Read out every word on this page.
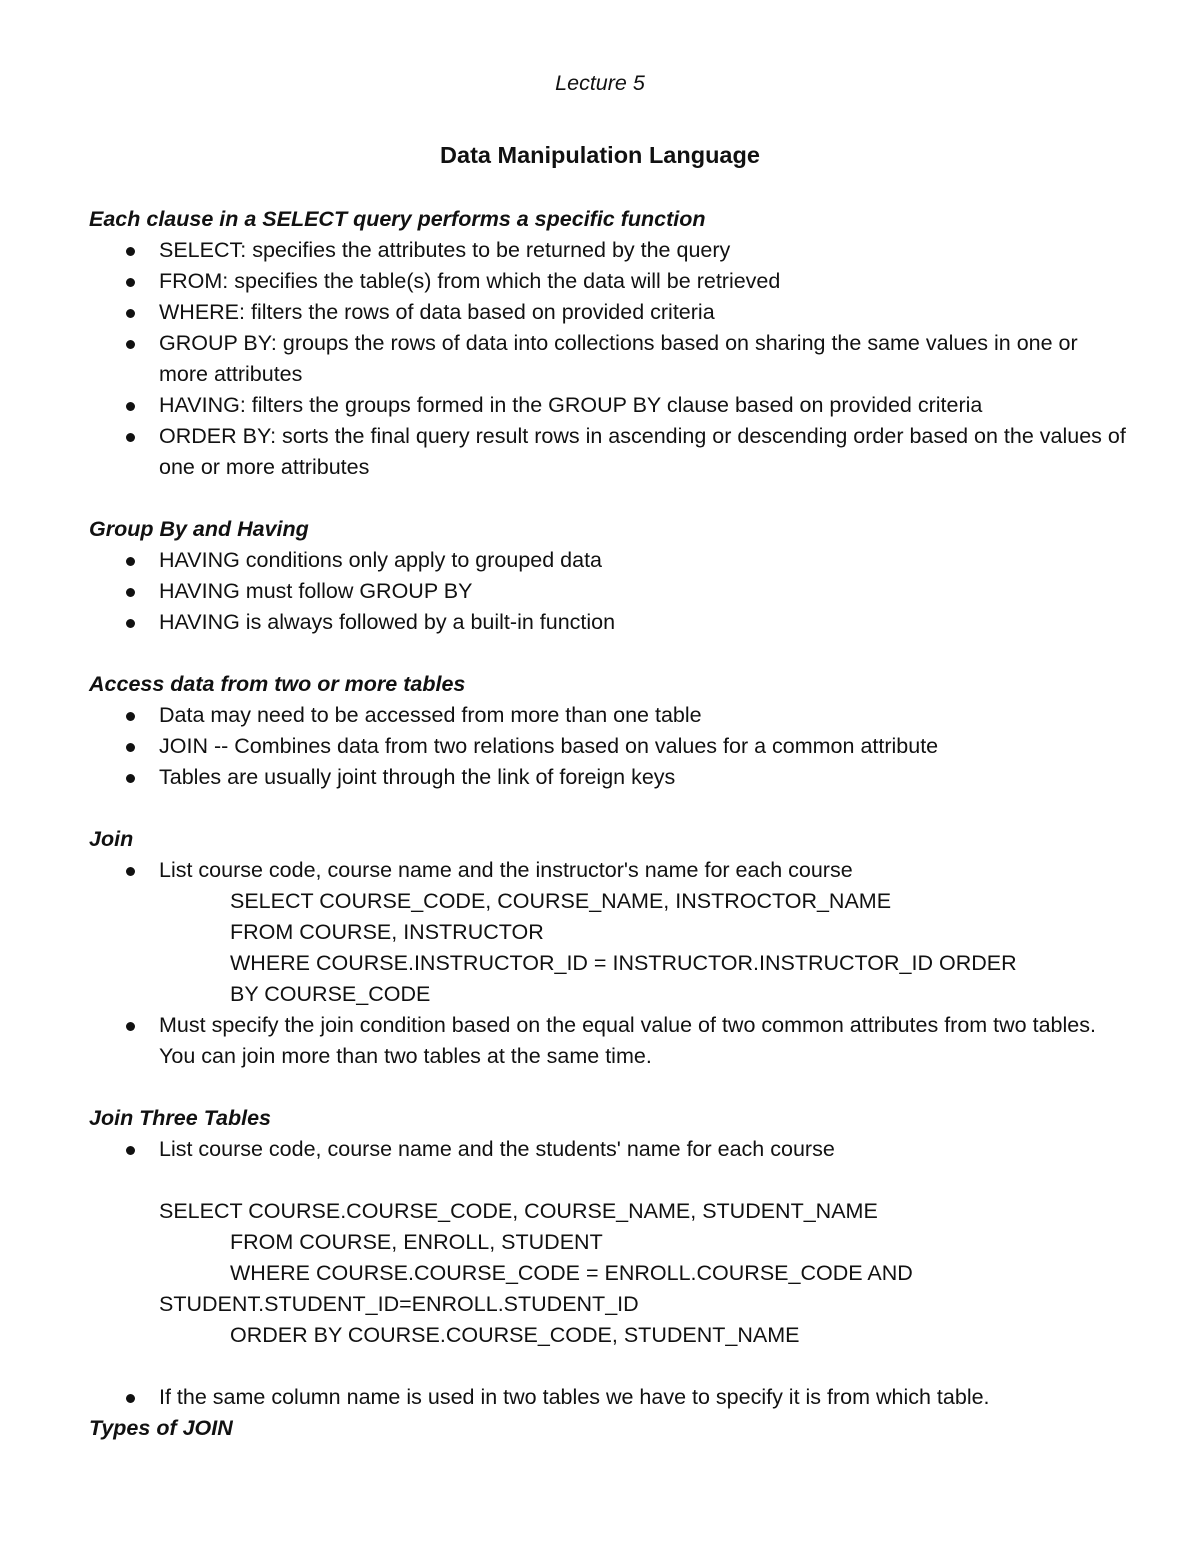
Lecture 5
Data Manipulation Language
Each clause in a SELECT query performs a specific function
SELECT: specifies the attributes to be returned by the query
FROM: specifies the table(s) from which the data will be retrieved
WHERE: filters the rows of data based on provided criteria
GROUP BY: groups the rows of data into collections based on sharing the same values in one or more attributes
HAVING: filters the groups formed in the GROUP BY clause based on provided criteria
ORDER BY: sorts the final query result rows in ascending or descending order based on the values of one or more attributes
Group By and Having
HAVING conditions only apply to grouped data
HAVING must follow GROUP BY
HAVING is always followed by a built-in function
Access data from two or more tables
Data may need to be accessed from more than one table
JOIN -- Combines data from two relations based on values for a common attribute
Tables are usually joint through the link of foreign keys
Join
List course code, course name and the instructor's name for each course
SELECT COURSE_CODE, COURSE_NAME, INSTROCTOR_NAME
FROM COURSE, INSTRUCTOR
WHERE COURSE.INSTRUCTOR_ID = INSTRUCTOR.INSTRUCTOR_ID ORDER
BY COURSE_CODE
Must specify the join condition based on the equal value of two common attributes from two tables. You can join more than two tables at the same time.
Join Three Tables
List course code, course name and the students' name for each course
SELECT COURSE.COURSE_CODE, COURSE_NAME, STUDENT_NAME
FROM COURSE, ENROLL, STUDENT
WHERE COURSE.COURSE_CODE = ENROLL.COURSE_CODE AND
STUDENT.STUDENT_ID=ENROLL.STUDENT_ID
ORDER BY COURSE.COURSE_CODE, STUDENT_NAME
If the same column name is used in two tables we have to specify it is from which table.
Types of JOIN
